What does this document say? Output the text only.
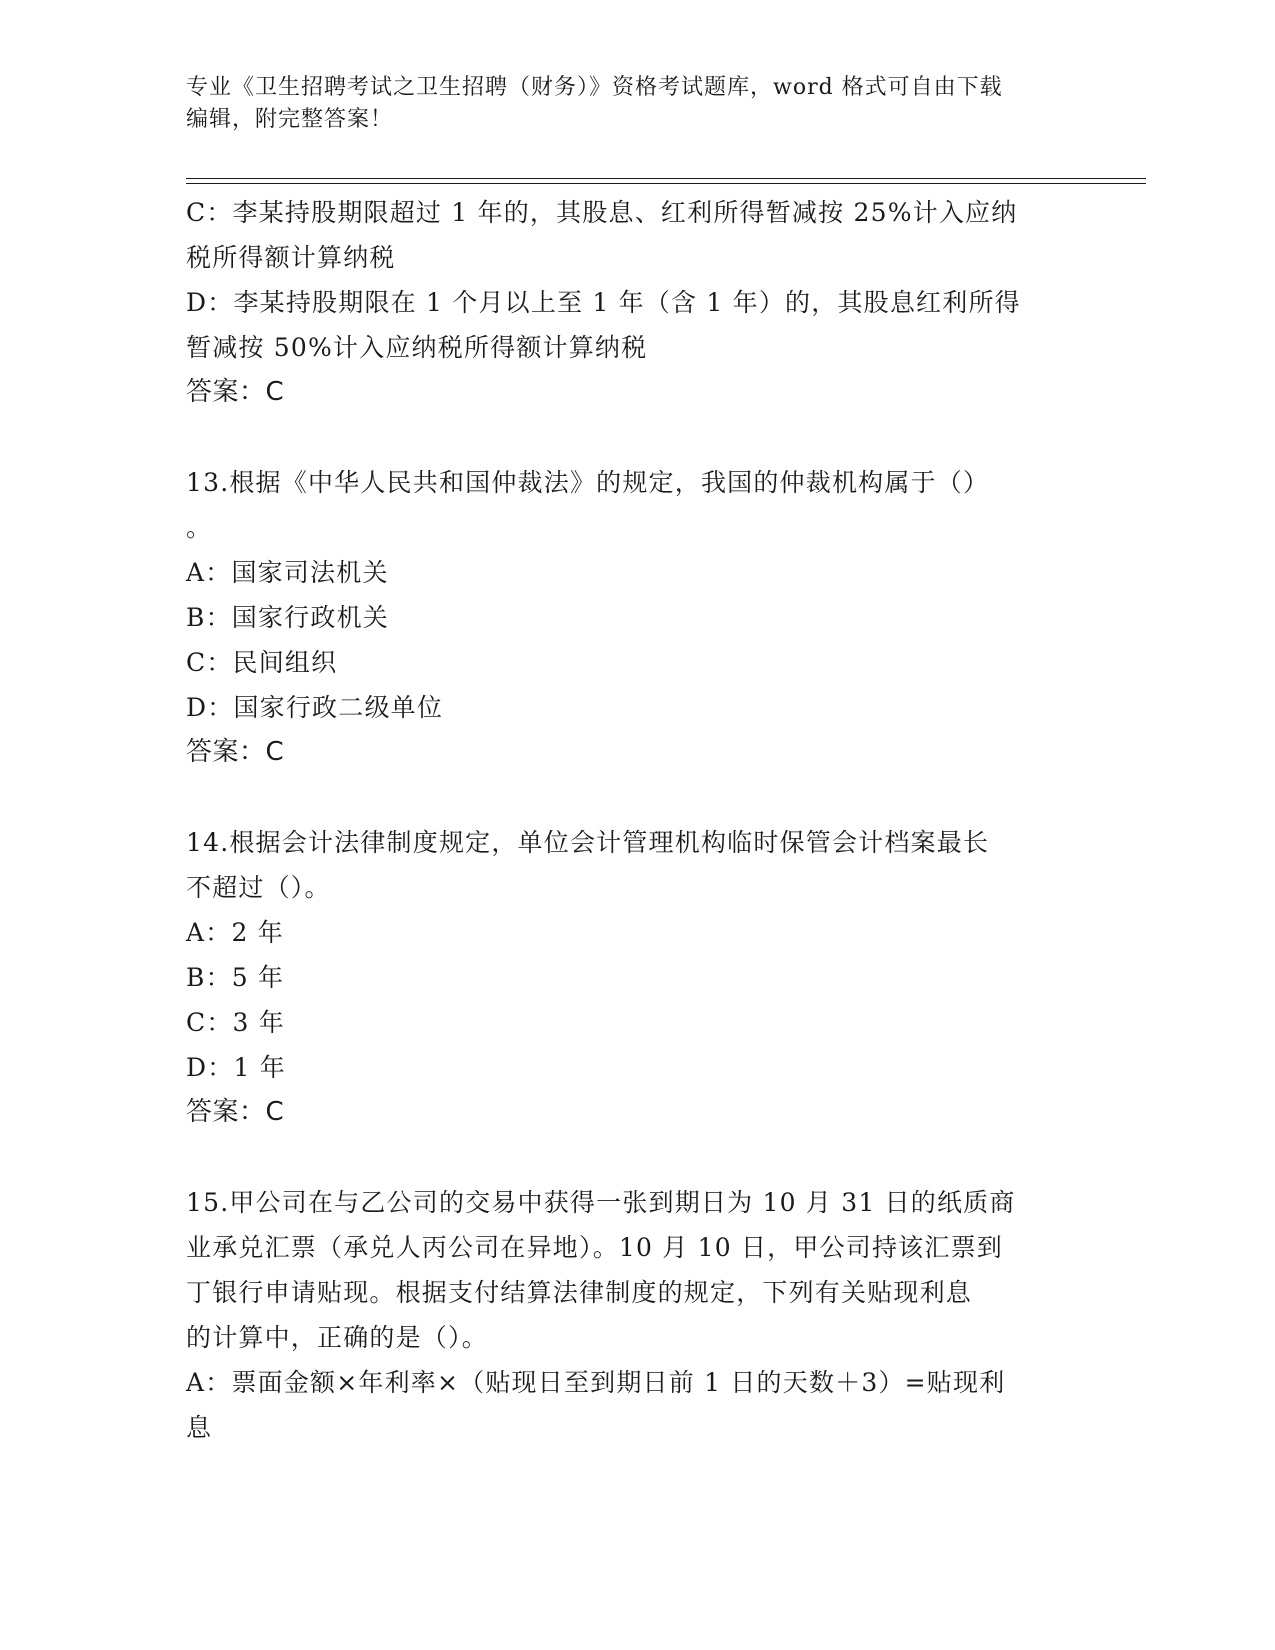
专业《卫生招聘考试之卫生招聘（财务）》资格考试题库，word 格式可自由下载
编辑，附完整答案！
C：李某持股期限超过 1 年的，其股息、红利所得暂减按 25%计入应纳
税所得额计算纳税
D：李某持股期限在 1 个月以上至 1 年（含 1 年）的，其股息红利所得
暂减按 50%计入应纳税所得额计算纳税
答案：C
13.根据《中华人民共和国仲裁法》的规定，我国的仲裁机构属于（）
。
A：国家司法机关
B：国家行政机关
C：民间组织
D：国家行政二级单位
答案：C
14.根据会计法律制度规定，单位会计管理机构临时保管会计档案最长
不超过（）。
A：2 年
B：5 年
C：3 年
D：1 年
答案：C
15.甲公司在与乙公司的交易中获得一张到期日为 10 月 31 日的纸质商
业承兑汇票（承兑人丙公司在异地）。10 月 10 日，甲公司持该汇票到
丁银行申请贴现。根据支付结算法律制度的规定，下列有关贴现利息
的计算中，正确的是（）。
A：票面金额×年利率×（贴现日至到期日前 1 日的天数＋3）=贴现利
息
